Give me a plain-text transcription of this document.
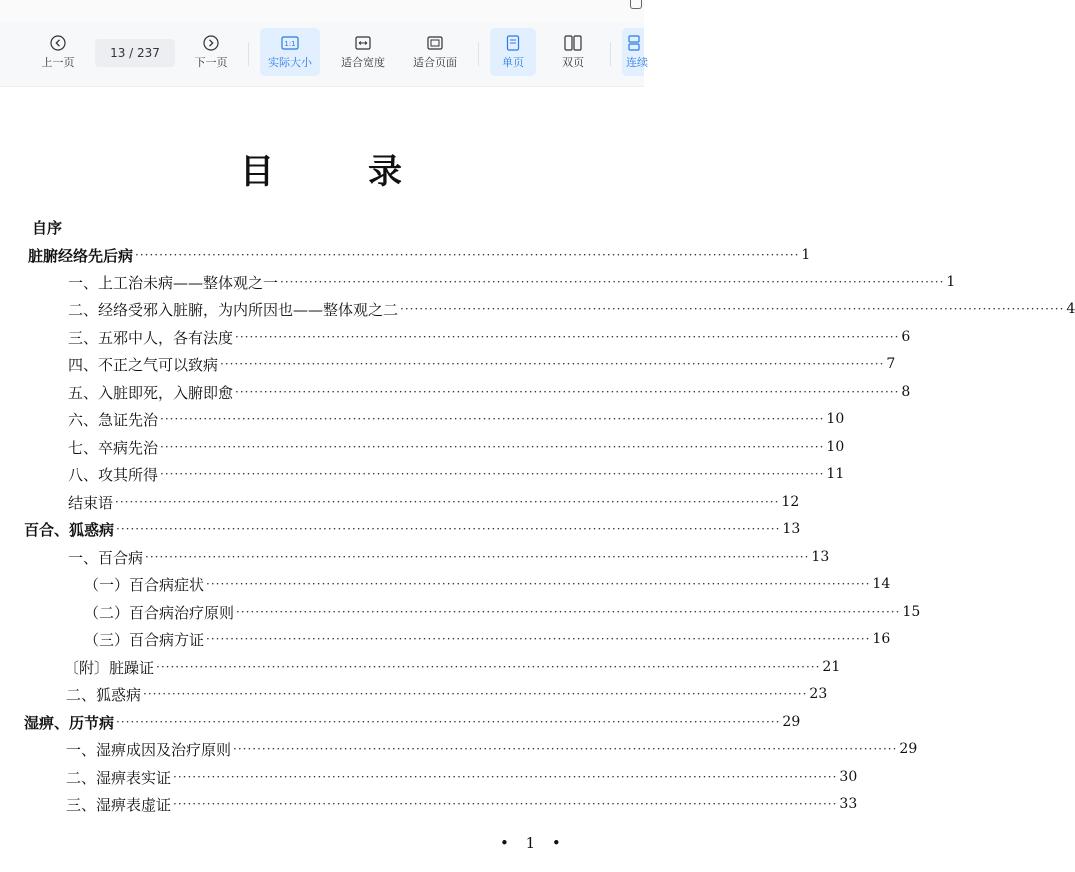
上一页
13 / 237
下一页
1:1
实际大小	适合宽度	适合页面	单页	双页	连续
目	录
自序
脏腑经络先后病 ·····	1
一、上工治未病——整体观之一 ·····	1
二、经络受邪入脏腑，为内所因也——整体观之二 ·····	4
三、五邪中人，各有法度 ·····	6
四、不正之气可以致病 ·····	7
五、入脏即死，入腑即愈 ·····	8
六、急证先治 ·····	10
七、卒病先治 ·····	10
八、攻其所得 ·····	11
结束语 ·····	12
百合、狐惑病 ·····	13
一、百合病 ·····	13
（一）百合病症状 ·····	14
（二）百合病治疗原则 ·····	15
（三）百合病方证 ·····	16
〔附〕脏躁证 ·····	21
二、狐惑病 ·····	23
湿痹、历节病 ·····	29
一、湿痹成因及治疗原则 ·····	29
二、湿痹表实证 ·····	30
三、湿痹表虚证 ·····	33
• 1 •
